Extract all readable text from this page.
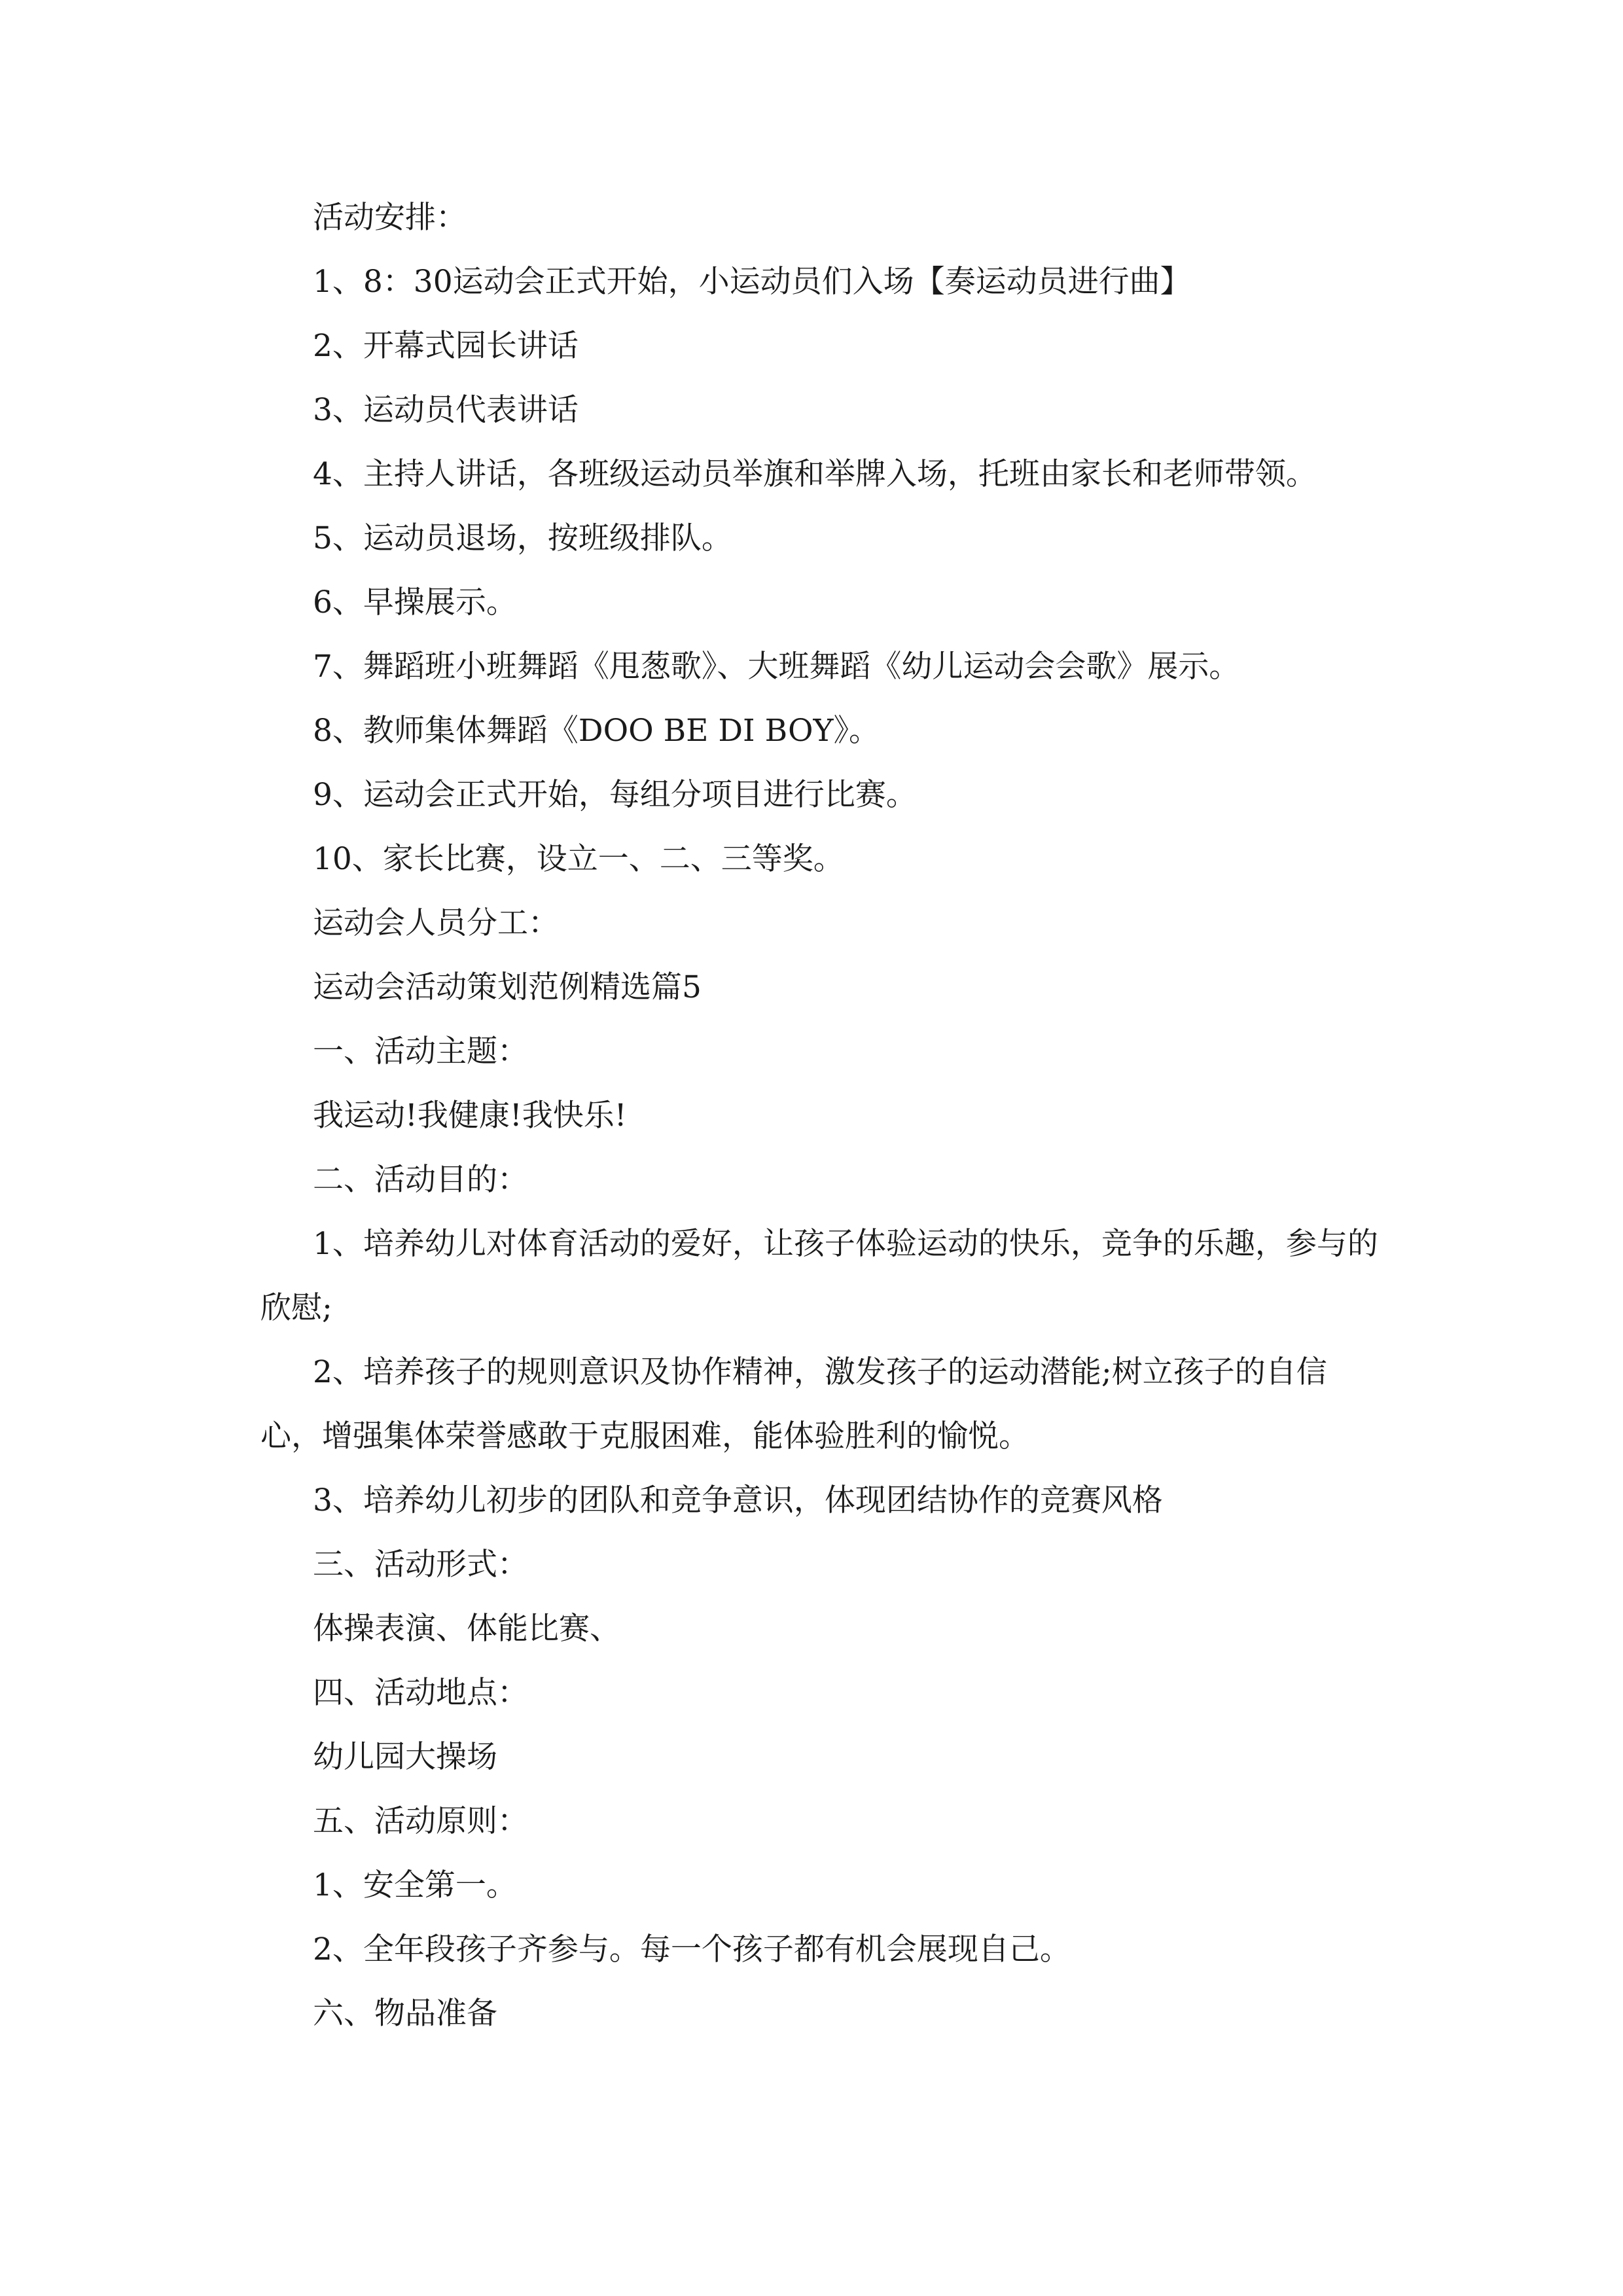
活动安排：

1、8：30运动会正式开始，小运动员们入场【奏运动员进行曲】

2、开幕式园长讲话

3、运动员代表讲话

4、主持人讲话，各班级运动员举旗和举牌入场，托班由家长和老师带领。

5、运动员退场，按班级排队。

6、早操展示。

7、舞蹈班小班舞蹈《甩葱歌》、大班舞蹈《幼儿运动会会歌》展示。

8、教师集体舞蹈《DOO BE DI BOY》。

9、运动会正式开始，每组分项目进行比赛。

10、家长比赛，设立一、二、三等奖。

运动会人员分工：

运动会活动策划范例精选篇5

一、活动主题：

我运动!我健康!我快乐!

二、活动目的：

1、培养幼儿对体育活动的爱好，让孩子体验运动的快乐，竞争的乐趣，参与的欣慰;

2、培养孩子的规则意识及协作精神，激发孩子的运动潜能;树立孩子的自信心，增强集体荣誉感敢于克服困难，能体验胜利的愉悦。

3、培养幼儿初步的团队和竞争意识，体现团结协作的竞赛风格

三、活动形式：

体操表演、体能比赛、

四、活动地点：

幼儿园大操场

五、活动原则：

1、安全第一。

2、全年段孩子齐参与。每一个孩子都有机会展现自己。

六、物品准备
